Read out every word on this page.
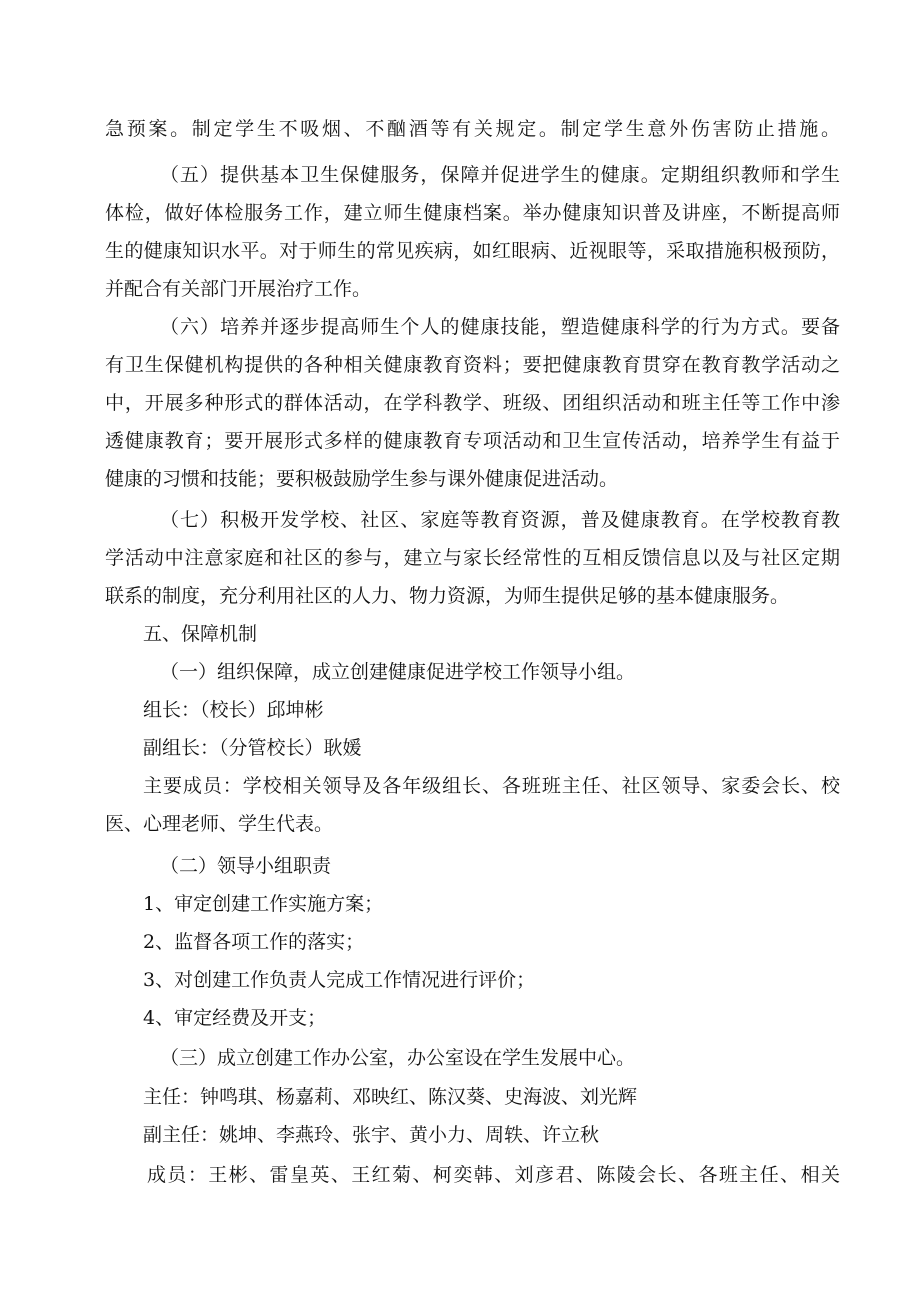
急预案。制定学生不吸烟、不酗酒等有关规定。制定学生意外伤害防止措施。
（五）提供基本卫生保健服务，保障并促进学生的健康。定期组织教师和学生
体检，做好体检服务工作，建立师生健康档案。举办健康知识普及讲座，不断提高师
生的健康知识水平。对于师生的常见疾病，如红眼病、近视眼等，采取措施积极预防，
并配合有关部门开展治疗工作。
（六）培养并逐步提高师生个人的健康技能，塑造健康科学的行为方式。要备
有卫生保健机构提供的各种相关健康教育资料；要把健康教育贯穿在教育教学活动之
中，开展多种形式的群体活动，在学科教学、班级、团组织活动和班主任等工作中渗
透健康教育；要开展形式多样的健康教育专项活动和卫生宣传活动，培养学生有益于
健康的习惯和技能；要积极鼓励学生参与课外健康促进活动。
（七）积极开发学校、社区、家庭等教育资源，普及健康教育。在学校教育教
学活动中注意家庭和社区的参与，建立与家长经常性的互相反馈信息以及与社区定期
联系的制度，充分利用社区的人力、物力资源，为师生提供足够的基本健康服务。
五、保障机制
（一）组织保障，成立创建健康促进学校工作领导小组。
组长：（校长）邱坤彬
副组长：（分管校长）耿媛
主要成员：学校相关领导及各年级组长、各班班主任、社区领导、家委会长、校
医、心理老师、学生代表。
（二）领导小组职责
1、审定创建工作实施方案；
2、监督各项工作的落实；
3、对创建工作负责人完成工作情况进行评价；
4、审定经费及开支；
（三）成立创建工作办公室，办公室设在学生发展中心。
主任：钟鸣琪、杨嘉莉、邓映红、陈汉葵、史海波、刘光辉
副主任：姚坤、李燕玲、张宇、黄小力、周轶、许立秋
成员：王彬、雷皇英、王红菊、柯奕韩、刘彦君、陈陵会长、各班主任、相关
